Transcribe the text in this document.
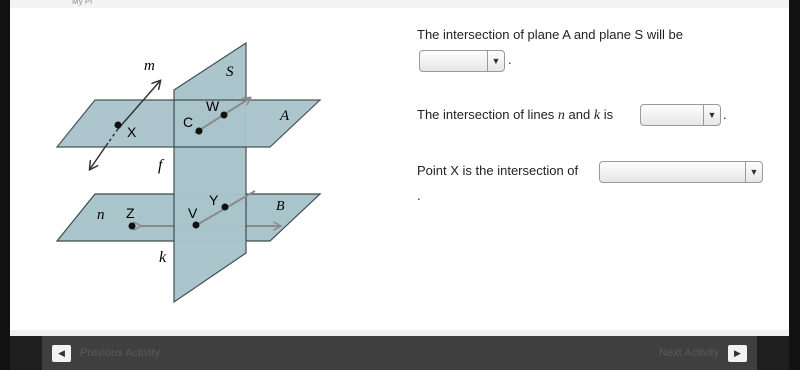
My Pl
m	S
A
X
C
W
f
n Z	V
Y	B
k
The intersection of plane A and plane S will be
▼ .
The intersection of lines n and k is	▼ .
Point X is the intersection of	▼
.
◀ Previous Activity	Next Activity ▶
